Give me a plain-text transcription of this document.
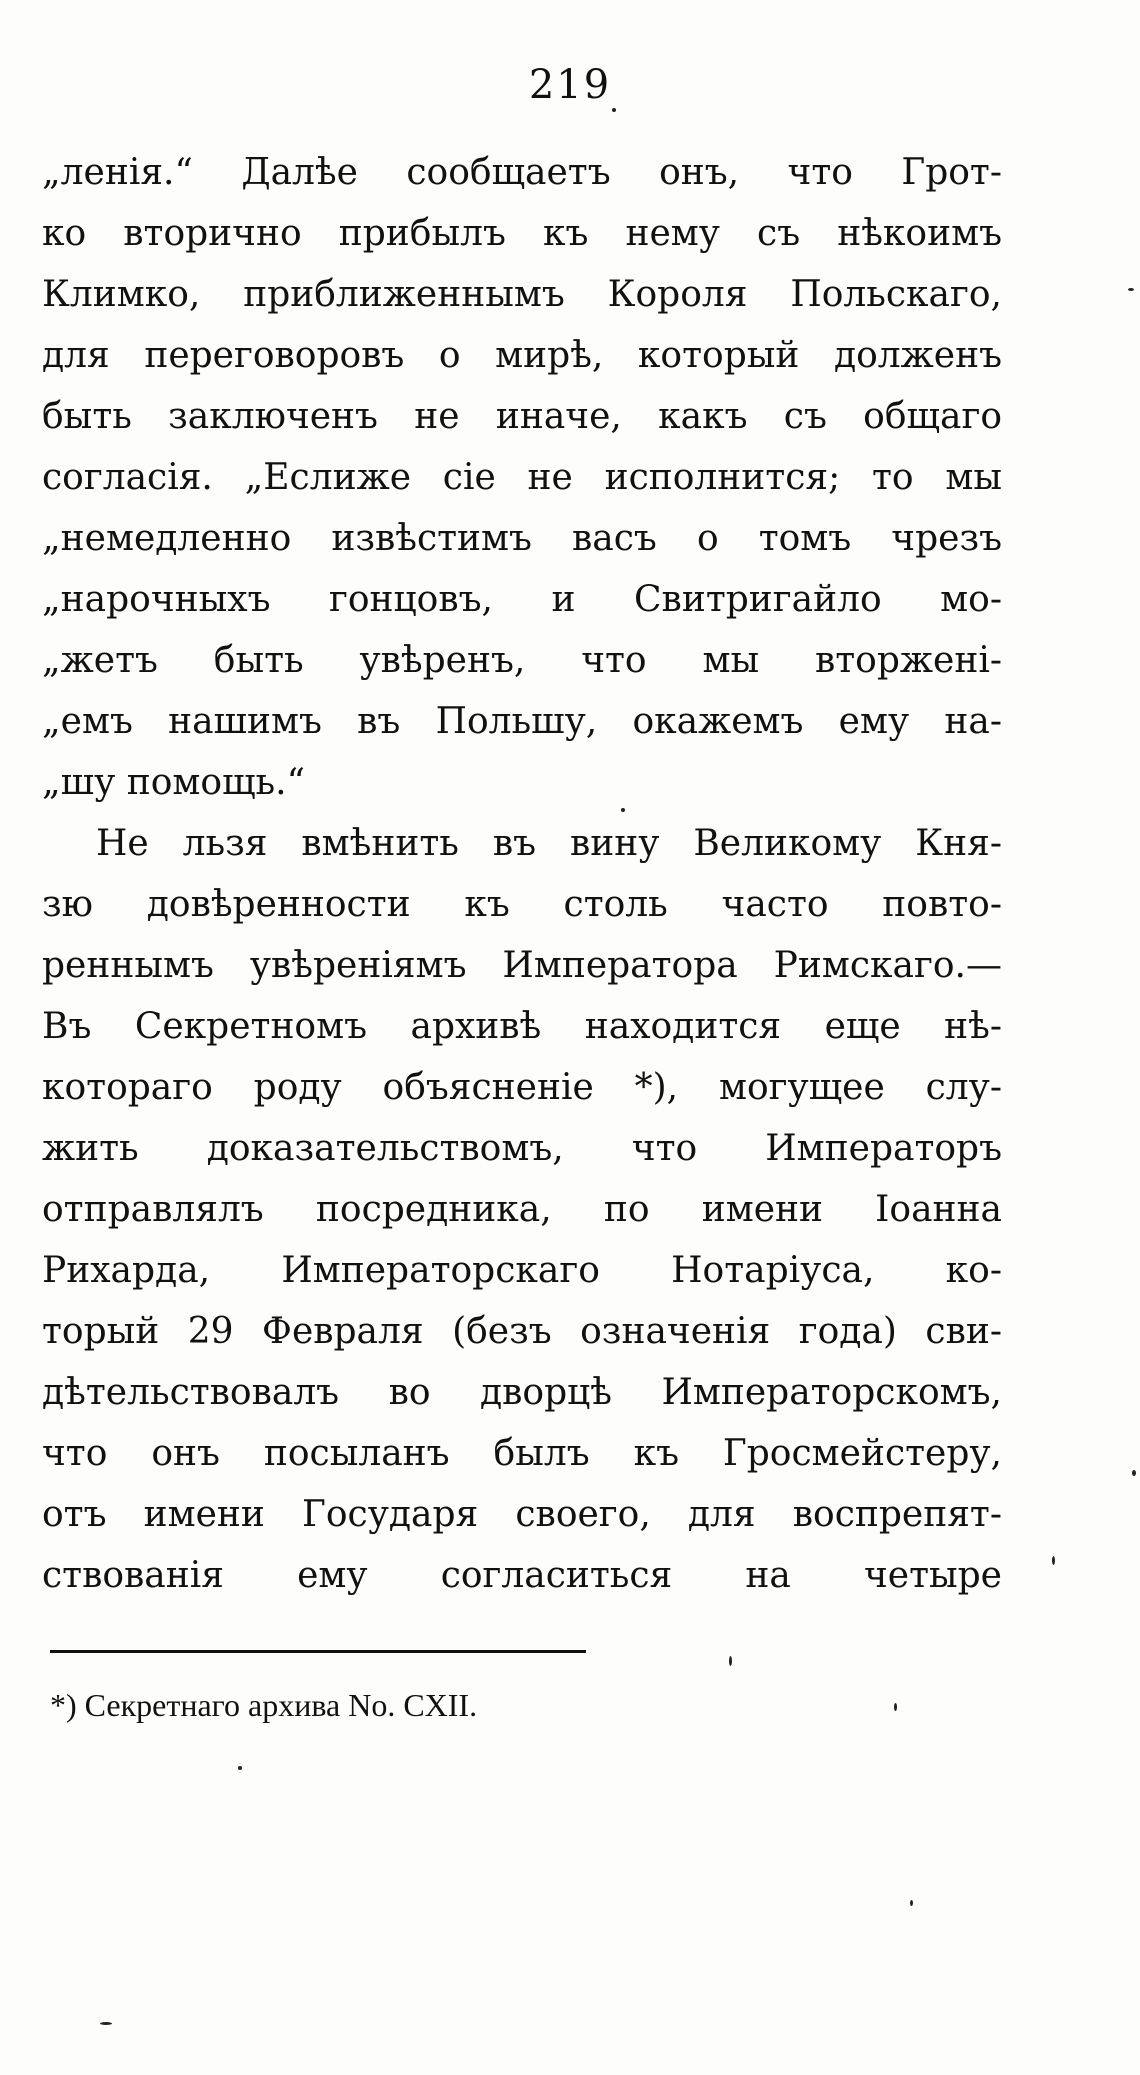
219
„ленія.“ Далѣе сообщаетъ онъ, что Грот-
ко вторично прибылъ къ нему съ нѣкоимъ
Климко, приближеннымъ Короля Польскаго,
для переговоровъ о мирѣ, который долженъ
быть заключенъ не иначе, какъ съ общаго
согласія. „Еслиже сіе не исполнится; то мы
„немедленно извѣстимъ васъ о томъ чрезъ
„нарочныхъ гонцовъ, и Свитригайло мо-
„жетъ быть увѣренъ, что мы вторжені-
„емъ нашимъ въ Польшу, окажемъ ему на-
„шу помощь.“
Не льзя вмѣнить въ вину Великому Кня-
зю довѣренности къ столь часто повто-
реннымъ увѣреніямъ Императора Римскаго.—
Въ Секретномъ архивѣ находится еще нѣ-
котораго роду объясненіе *), могущее слу-
жить доказательствомъ, что Императоръ
отправлялъ посредника, по имени Іоанна
Рихарда, Императорскаго Нотаріуса, ко-
торый 29 Февраля (безъ означенія года) сви-
дѣтельствовалъ во дворцѣ Императорскомъ,
что онъ посыланъ былъ къ Гросмейстеру,
отъ имени Государя своего, для воспрепят-
ствованія ему согласиться на четыре
*) Секретнаго архива No. CXII.
